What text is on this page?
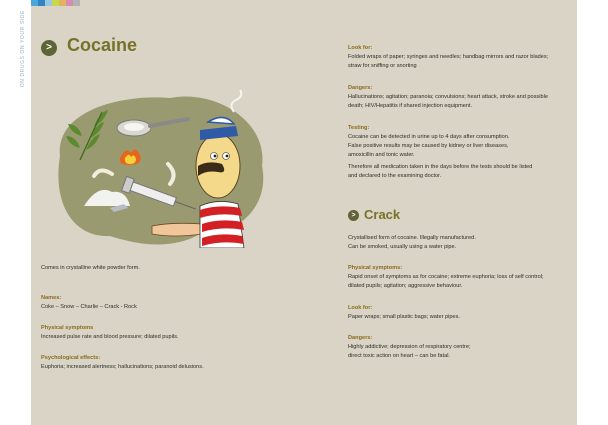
ON DRUGS ON YOUR SIDE	> Cocaine
Comes in crystalline white powder form.
Names:
Coke – Snow – Charlie – Crack - Rock
Physical symptoms
Increased pulse rate and blood pressure; dilated pupils.
Psychological effects:
Euphoria; increased alertness; hallucinations; paranoid delusions.
Look for:
Folded wraps of paper; syringes and needles; handbag mirrors and razor blades;
straw for sniffing or snorting
Dangers:
Hallucinations; agitation; paranoia; convulsions; heart attack, stroke and possible
death; HIV/Hepatitis if shared injection equipment.
Testing:
Cocaine can be detected in urine up to 4 days after consumption.
False positive results may be caused by kidney or liver diseases,
amoxicillin and tonic water.
Therefore all medication taken in the days before the tests should be listed
and declared to the examining doctor.
> Crack
Crystallised form of cocaine. Illegally manufactured.
Can be smoked, usually using a water pipe.
Physical symptoms:
Rapid onset of symptoms as for cocaine; extreme euphoria; loss of self control;
dilated pupils; agitation; aggressive behaviour.
Look for:
Paper wraps; small plastic bags; water pipes.
Dangers:
Highly addictive; depression of respiratory centre;
direct toxic action on heart – can be fatal.
